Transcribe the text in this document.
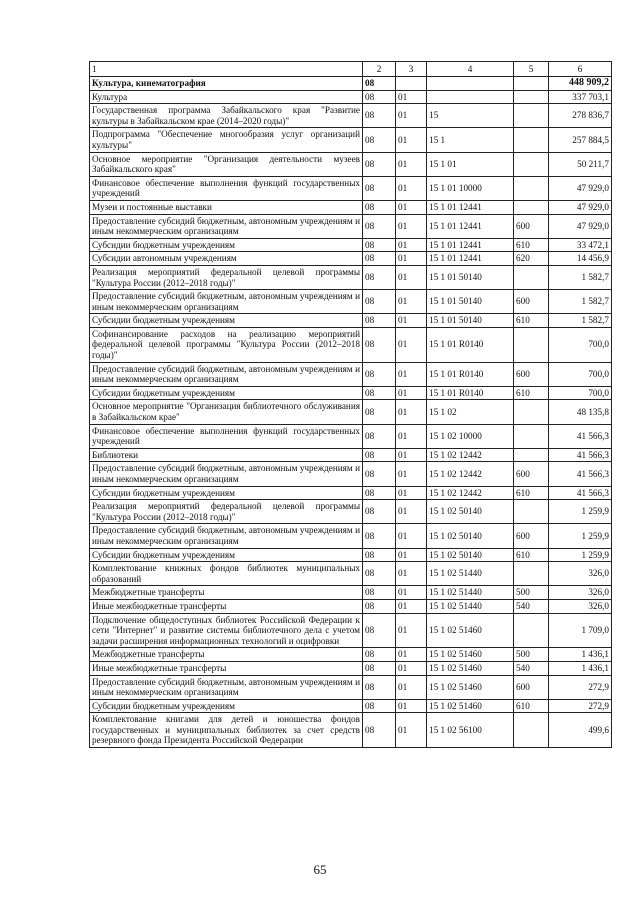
1	2	3	4	5	6
Культура, кинематография	08				448 909,2
Культура	08	01			337 703,1
Государственная программа Забайкальского края "Развитие культуры в Забайкальском крае (2014–2020 годы)"	08	01	15		278 836,7
Подпрограмма "Обеспечение многообразия услуг организаций культуры"	08	01	15 1		257 884,5
Основное мероприятие "Организация деятельности музеев Забайкальского края"	08	01	15 1 01		50 211,7
Финансовое обеспечение выполнения функций государственных учреждений	08	01	15 1 01 10000		47 929,0
Музеи и постоянные выставки	08	01	15 1 01 12441		47 929,0
Предоставление субсидий бюджетным, автономным учреждениям и иным некоммерческим организациям	08	01	15 1 01 12441	600	47 929,0
Субсидии бюджетным учреждениям	08	01	15 1 01 12441	610	33 472,1
Субсидии автономным учреждениям	08	01	15 1 01 12441	620	14 456,9
Реализация мероприятий федеральной целевой программы "Культура России (2012–2018 годы)"	08	01	15 1 01 50140		1 582,7
Предоставление субсидий бюджетным, автономным учреждениям и иным некоммерческим организациям	08	01	15 1 01 50140	600	1 582,7
Субсидии бюджетным учреждениям	08	01	15 1 01 50140	610	1 582,7
Софинансирование расходов на реализацию мероприятий федеральной целевой программы "Культура России (2012–2018 годы)"	08	01	15 1 01 R0140		700,0
Предоставление субсидий бюджетным, автономным учреждениям и иным некоммерческим организациям	08	01	15 1 01 R0140	600	700,0
Субсидии бюджетным учреждениям	08	01	15 1 01 R0140	610	700,0
Основное мероприятие "Организация библиотечного обслуживания в Забайкальском крае"	08	01	15 1 02		48 135,8
Финансовое обеспечение выполнения функций государственных учреждений	08	01	15 1 02 10000		41 566,3
Библиотеки	08	01	15 1 02 12442		41 566,3
Предоставление субсидий бюджетным, автономным учреждениям и иным некоммерческим организациям	08	01	15 1 02 12442	600	41 566,3
Субсидии бюджетным учреждениям	08	01	15 1 02 12442	610	41 566,3
Реализация мероприятий федеральной целевой программы "Культура России (2012–2018 годы)"	08	01	15 1 02 50140		1 259,9
Предоставление субсидий бюджетным, автономным учреждениям и иным некоммерческим организациям	08	01	15 1 02 50140	600	1 259,9
Субсидии бюджетным учреждениям	08	01	15 1 02 50140	610	1 259,9
Комплектование книжных фондов библиотек муниципальных образований	08	01	15 1 02 51440		326,0
Межбюджетные трансферты	08	01	15 1 02 51440	500	326,0
Иные межбюджетные трансферты	08	01	15 1 02 51440	540	326,0
Подключение общедоступных библиотек Российской Федерации к сети "Интернет" и развитие системы библиотечного дела с учетом задачи расширения информационных технологий и оцифровки	08	01	15 1 02 51460		1 709,0
Межбюджетные трансферты	08	01	15 1 02 51460	500	1 436,1
Иные межбюджетные трансферты	08	01	15 1 02 51460	540	1 436,1
Предоставление субсидий бюджетным, автономным учреждениям и иным некоммерческим организациям	08	01	15 1 02 51460	600	272,9
Субсидии бюджетным учреждениям	08	01	15 1 02 51460	610	272,9
Комплектование книгами для детей и юношества фондов государственных и муниципальных библиотек за счет средств резервного фонда Президента Российской Федерации	08	01	15 1 02 56100		499,6
65
